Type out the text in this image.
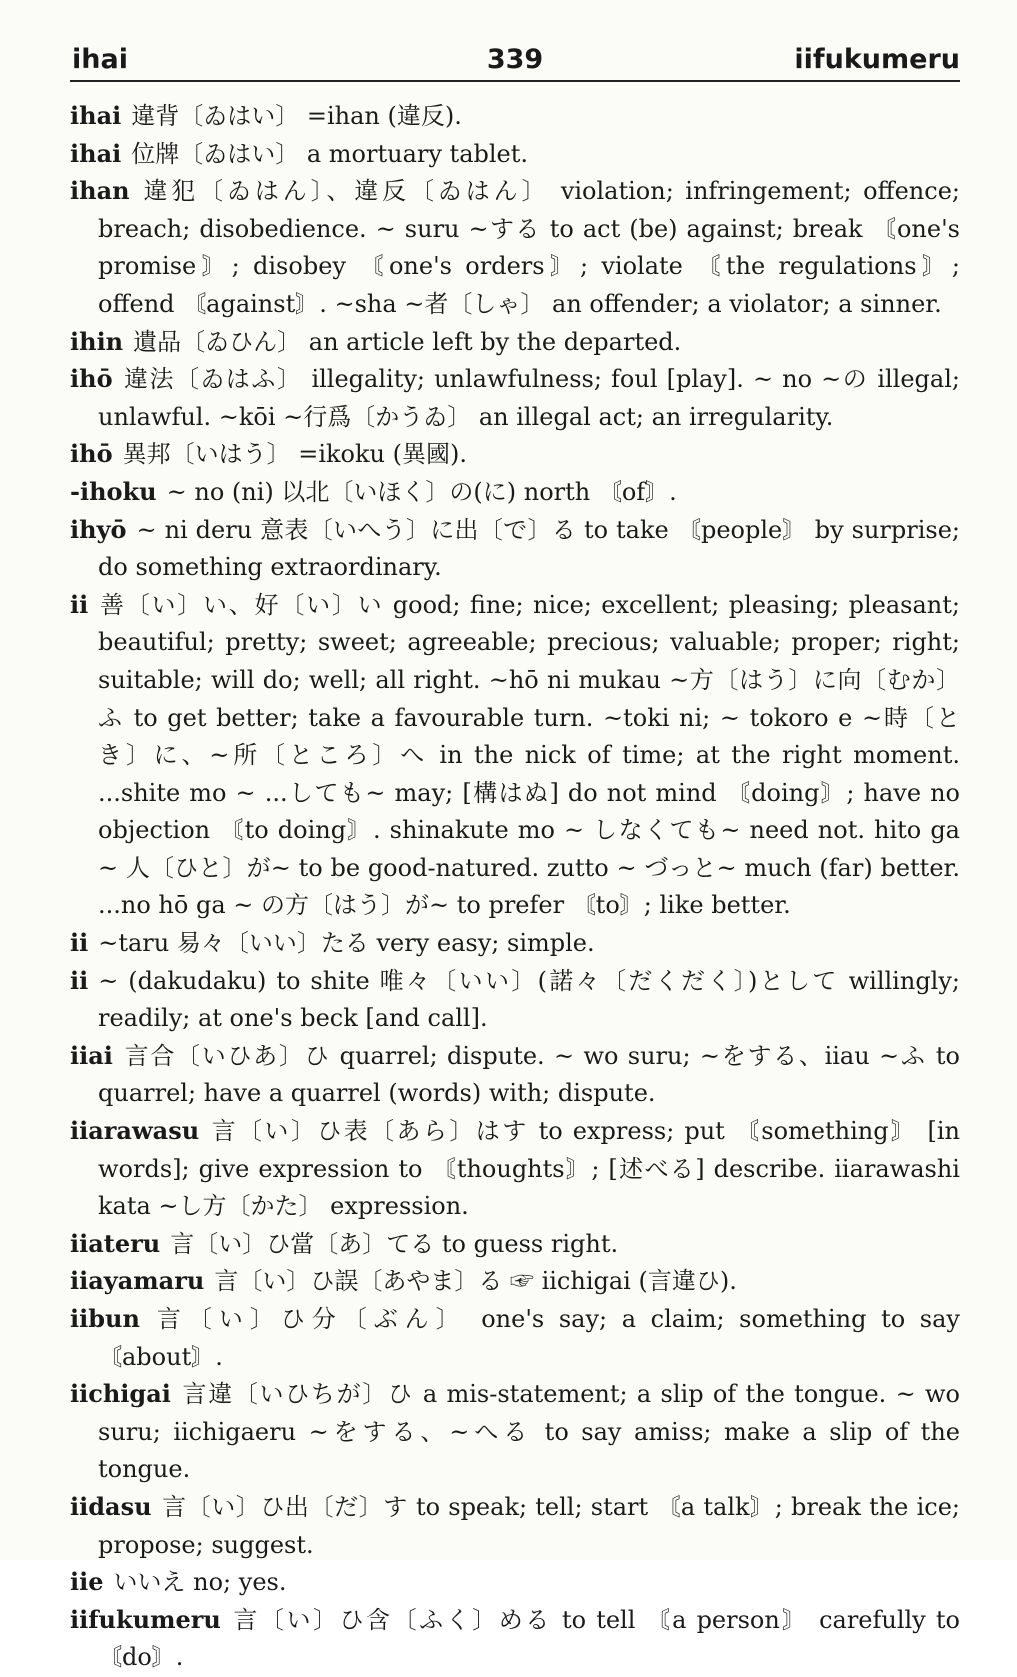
ihai	339	iifukumeru
ihai 違背〔ゐはい〕 =ihan (違反).
ihai 位牌〔ゐはい〕 a mortuary tablet.
ihan 違犯〔ゐはん〕、違反〔ゐはん〕 violation; infringement; offence; breach; disobedience. ~ suru ~する to act (be) against; break 〘one's promise〙; disobey 〘one's orders〙; violate 〘the regulations〙; offend 〘against〙. ~sha ~者〔しゃ〕 an offender; a violator; a sinner.
ihin 遺品〔ゐひん〕 an article left by the departed.
ihō 違法〔ゐはふ〕 illegality; unlawfulness; foul [play]. ~ no ~の illegal; unlawful. ~kōi ~行爲〔かうゐ〕 an illegal act; an irregularity.
ihō 異邦〔いはう〕 =ikoku (異國).
-ihoku ~ no (ni) 以北〔いほく〕の(に) north 〘of〙.
ihyō ~ ni deru 意表〔いへう〕に出〔で〕る to take 〘people〙 by surprise; do something extraordinary.
ii 善〔い〕い、好〔い〕い good; fine; nice; excellent; pleasing; pleasant; beautiful; pretty; sweet; agreeable; precious; valuable; proper; right; suitable; will do; well; all right. ~hō ni mukau ~方〔はう〕に向〔むか〕ふ to get better; take a favourable turn. ~toki ni; ~ tokoro e ~時〔とき〕に、~所〔ところ〕へ in the nick of time; at the right moment. ...shite mo ~ ...しても~ may; [構はぬ] do not mind 〘doing〙; have no objection 〘to doing〙. shinakute mo ~ しなくても~ need not. hito ga ~ 人〔ひと〕が~ to be good-natured. zutto ~ づっと~ much (far) better. ...no hō ga ~ の方〔はう〕が~ to prefer 〘to〙; like better.
ii ~taru 易々〔いい〕たる very easy; simple.
ii ~ (dakudaku) to shite 唯々〔いい〕(諾々〔だくだく〕)として willingly; readily; at one's beck [and call].
iiai 言合〔いひあ〕ひ quarrel; dispute. ~ wo suru; ~をする、iiau ~ふ to quarrel; have a quarrel (words) with; dispute.
iiarawasu 言〔い〕ひ表〔あら〕はす to express; put 〘something〙 [in words]; give expression to 〘thoughts〙; [述べる] describe. iiarawashi kata ~し方〔かた〕 expression.
iiateru 言〔い〕ひ當〔あ〕てる to guess right.
iiayamaru 言〔い〕ひ誤〔あやま〕る ☞ iichigai (言違ひ).
iibun 言〔い〕ひ分〔ぶん〕 one's say; a claim; something to say 〘about〙.
iichigai 言違〔いひちが〕ひ a mis-statement; a slip of the tongue. ~ wo suru; iichigaeru ~をする、~へる to say amiss; make a slip of the tongue.
iidasu 言〔い〕ひ出〔だ〕す to speak; tell; start 〘a talk〙; break the ice; propose; suggest.
iie いいえ no; yes.
iifukumeru 言〔い〕ひ含〔ふく〕める to tell 〘a person〙 carefully to 〘do〙.
